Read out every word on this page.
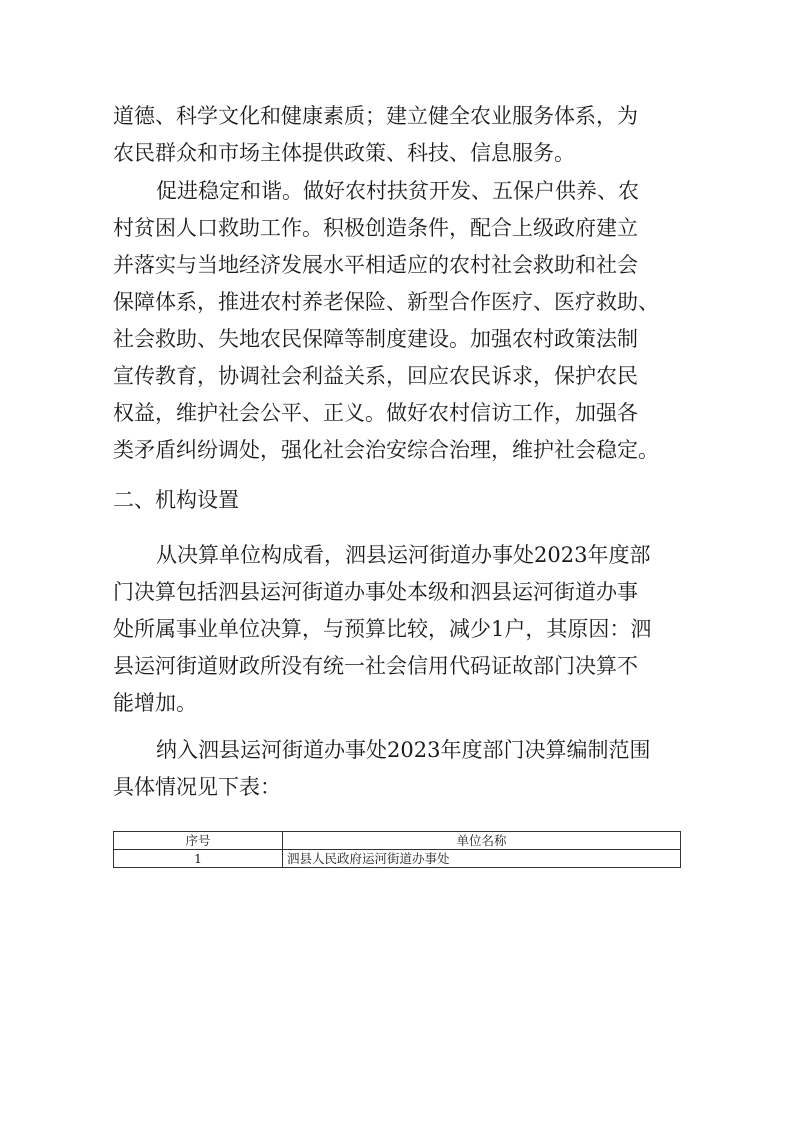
道德、科学文化和健康素质；建立健全农业服务体系，为
农民群众和市场主体提供政策、科技、信息服务。
促进稳定和谐。做好农村扶贫开发、五保户供养、农
村贫困人口救助工作。积极创造条件，配合上级政府建立
并落实与当地经济发展水平相适应的农村社会救助和社会
保障体系，推进农村养老保险、新型合作医疗、医疗救助、
社会救助、失地农民保障等制度建设。加强农村政策法制
宣传教育，协调社会利益关系，回应农民诉求，保护农民
权益，维护社会公平、正义。做好农村信访工作，加强各
类矛盾纠纷调处，强化社会治安综合治理，维护社会稳定。
二、机构设置
从决算单位构成看，泗县运河街道办事处2023年度部
门决算包括泗县运河街道办事处本级和泗县运河街道办事
处所属事业单位决算，与预算比较，减少1户，其原因：泗
县运河街道财政所没有统一社会信用代码证故部门决算不
能增加。
纳入泗县运河街道办事处2023年度部门决算编制范围
具体情况见下表：
序号	单位名称
1	泗县人民政府运河街道办事处
